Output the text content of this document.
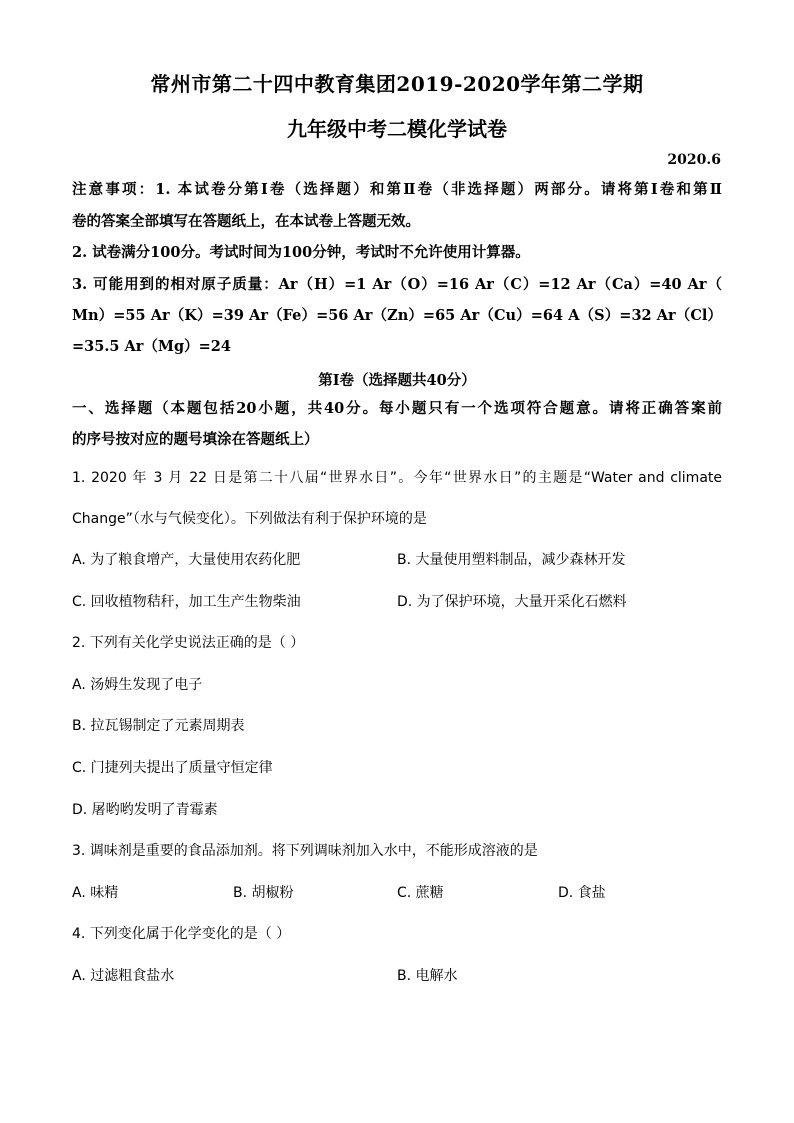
常州市第二十四中教育集团2019-2020学年第二学期
九年级中考二模化学试卷
2020.6
注意事项：1. 本试卷分第Ⅰ卷（选择题）和第Ⅱ卷（非选择题）两部分。请将第Ⅰ卷和第Ⅱ
卷的答案全部填写在答题纸上，在本试卷上答题无效。
2. 试卷满分100分。考试时间为100分钟，考试时不允许使用计算器。
3. 可能用到的相对原子质量：Ar（H）=1 Ar（O）=16 Ar（C）=12 Ar（Ca）=40 Ar（
Mn）=55 Ar（K）=39 Ar（Fe）=56 Ar（Zn）=65 Ar（Cu）=64 A（S）=32 Ar（Cl）
=35.5 Ar（Mg）=24
第Ⅰ卷（选择题共40分）
一、选择题（本题包括20小题，共40分。每小题只有一个选项符合题意。请将正确答案前
的序号按对应的题号填涂在答题纸上）
1. 2020 年 3 月 22 日是第二十八届“世界水日”。今年“世界水日”的主题是“Water and climate
Change”（水与气候变化）。下列做法有利于保护环境的是
A. 为了粮食增产，大量使用农药化肥	B. 大量使用塑料制品，减少森林开发
C. 回收植物秸秆，加工生产生物柴油	D. 为了保护环境，大量开采化石燃料
2. 下列有关化学史说法正确的是（ ）
A. 汤姆生发现了电子
B. 拉瓦锡制定了元素周期表
C. 门捷列夫提出了质量守恒定律
D. 屠哟哟发明了青霉素
3. 调味剂是重要的食品添加剂。将下列调味剂加入水中，不能形成溶液的是
A. 味精	B. 胡椒粉	C. 蔗糖	D. 食盐
4. 下列变化属于化学变化的是（ ）
A. 过滤粗食盐水	B. 电解水
